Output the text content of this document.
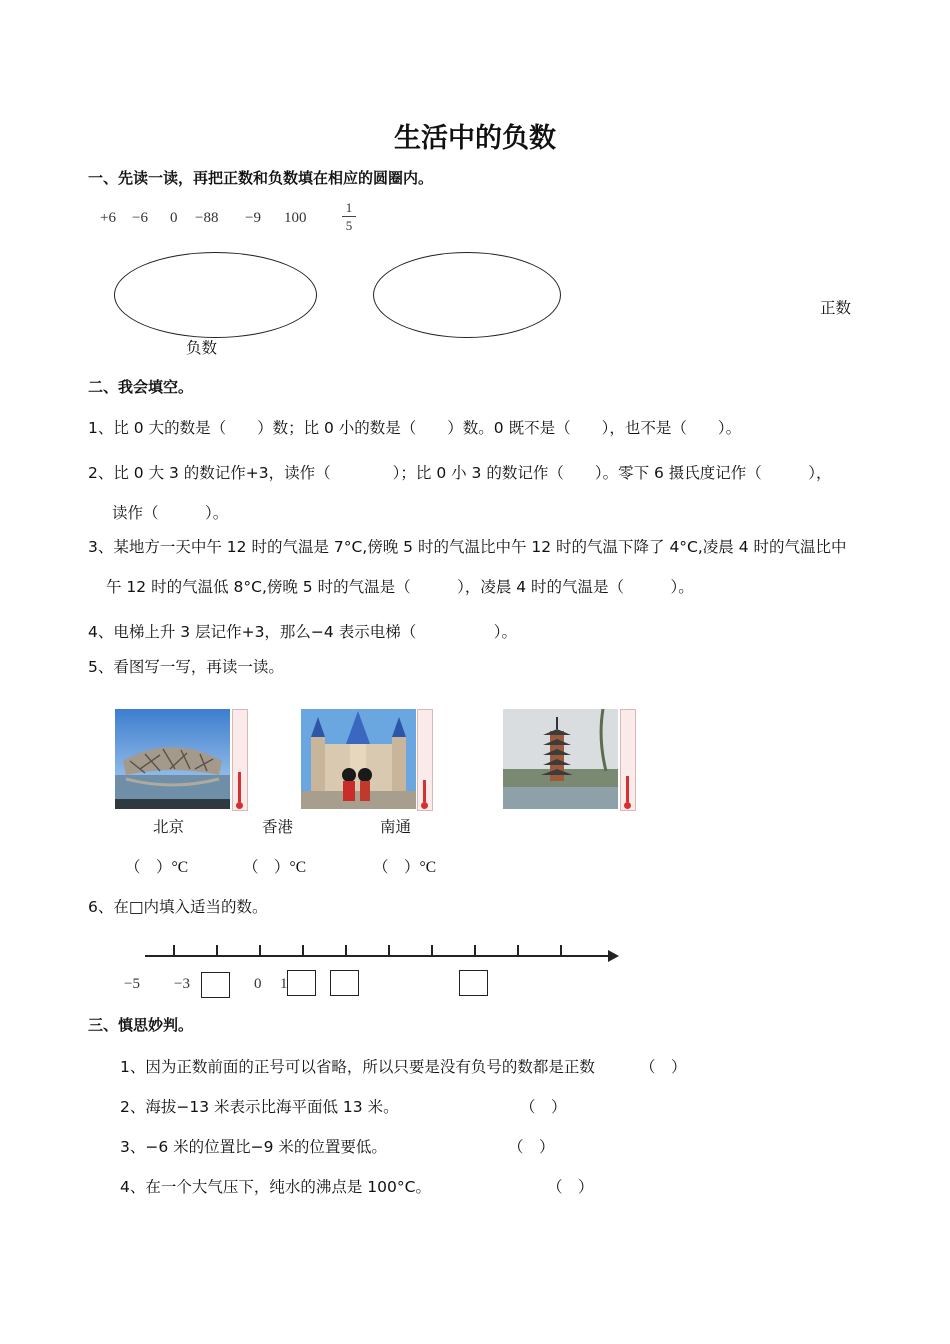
生活中的负数
一、先读一读，再把正数和负数填在相应的圆圈内。
+6 −6 0 −88 −9 100
1
5
负数
正数
二、我会填空。
1、比 0 大的数是（　　）数；比 0 小的数是（　　）数。0 既不是（　　），也不是（　　）。
2、比 0 大 3 的数记作+3，读作（　　　　）；比 0 小 3 的数记作（　　）。零下 6 摄氏度记作（　　　），
读作（　　　）。
3、某地方一天中午 12 时的气温是 7°C,傍晚 5 时的气温比中午 12 时的气温下降了 4°C,凌晨 4 时的气温比中
午 12 时的气温低 8°C,傍晚 5 时的气温是（　　　），凌晨 4 时的气温是（　　　）。
4、电梯上升 3 层记作+3，那么−4 表示电梯（　　　　　）。
5、看图写一写，再读一读。
北京	香港	南通
（　）°C	（　）°C	（　）°C
6、在□内填入适当的数。
−5 −3	0 1
三、慎思妙判。
1、因为正数前面的正号可以省略，所以只要是没有负号的数都是正数	（　）
2、海拔−13 米表示比海平面低 13 米。	（　）
3、−6 米的位置比−9 米的位置要低。	（　）
4、在一个大气压下，纯水的沸点是 100°C。	（　）
